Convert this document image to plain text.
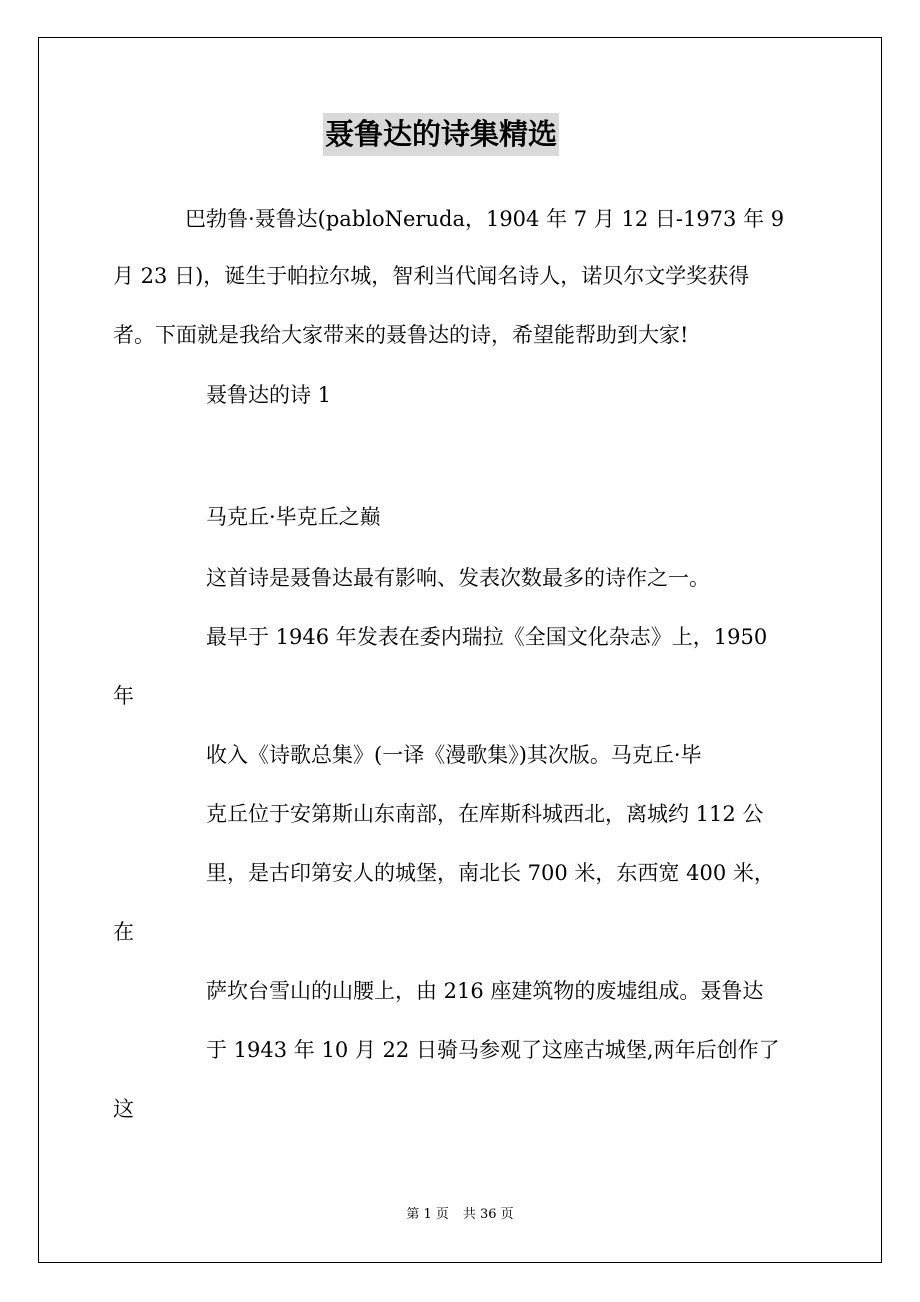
聂鲁达的诗集精选
巴勃鲁·聂鲁达(pabloNeruda，1904 年 7 月 12 日-1973 年 9
月 23 日)，诞生于帕拉尔城，智利当代闻名诗人，诺贝尔文学奖获得
者。下面就是我给大家带来的聂鲁达的诗，希望能帮助到大家!
聂鲁达的诗 1
马克丘·毕克丘之巅
这首诗是聂鲁达最有影响、发表次数最多的诗作之一。
最早于 1946 年发表在委内瑞拉《全国文化杂志》上，1950
年
收入《诗歌总集》(一译《漫歌集》)其次版。马克丘·毕
克丘位于安第斯山东南部，在库斯科城西北，离城约 112 公
里，是古印第安人的城堡，南北长 700 米，东西宽 400 米，
在
萨坎台雪山的山腰上，由 216 座建筑物的废墟组成。聂鲁达
于 1943 年 10 月 22 日骑马参观了这座古城堡,两年后创作了
这
第 1 页 共 36 页
